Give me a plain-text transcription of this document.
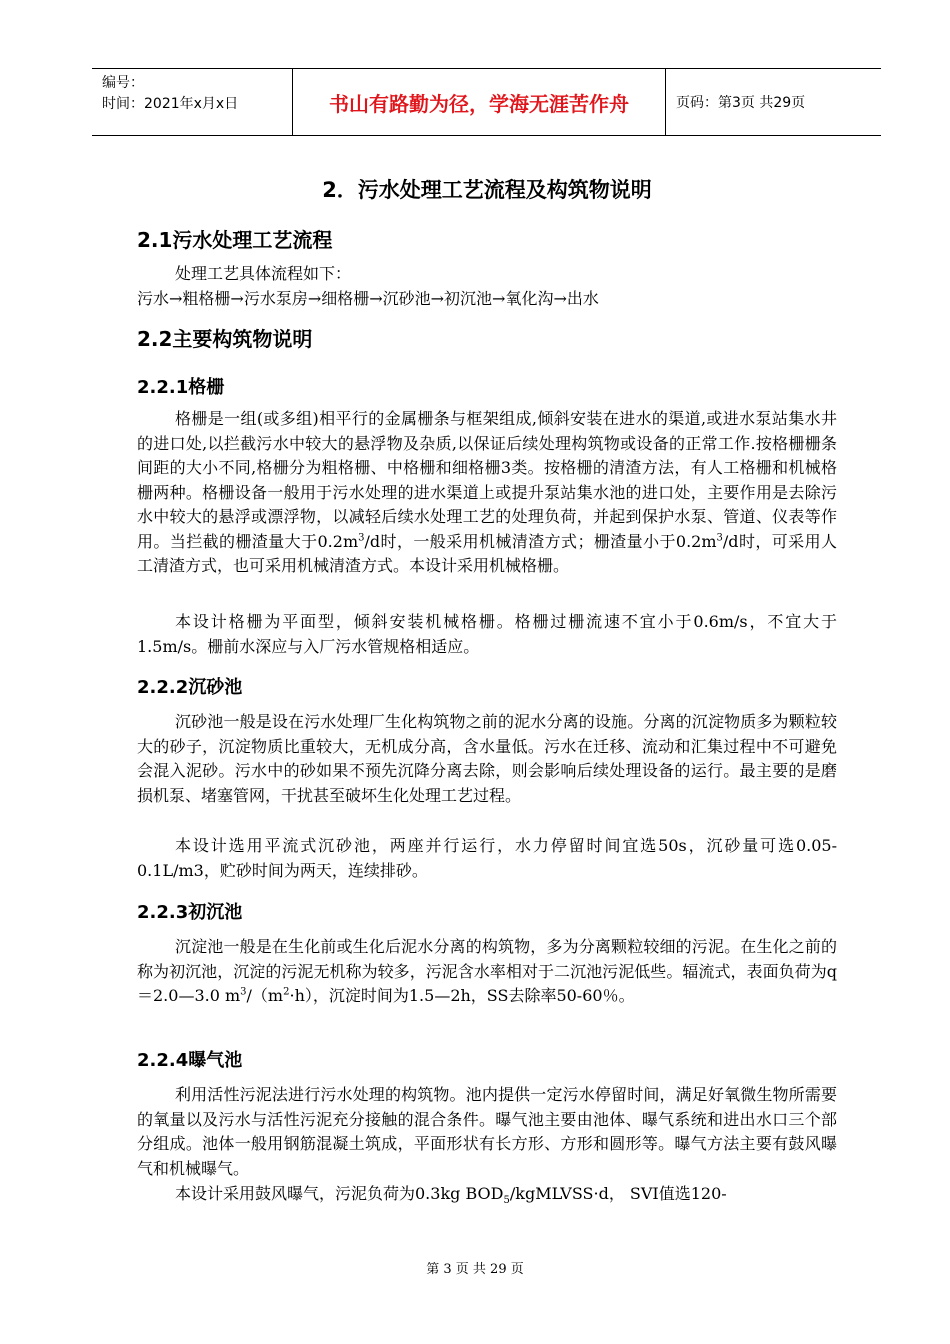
编号：
时间：2021年x月x日	书山有路勤为径，学海无涯苦作舟	页码：第3页 共29页
2．污水处理工艺流程及构筑物说明
2.1污水处理工艺流程
处理工艺具体流程如下：
污水→粗格栅→污水泵房→细格栅→沉砂池→初沉池→氧化沟→出水
2.2主要构筑物说明
2.2.1格栅
格栅是一组(或多组)相平行的金属栅条与框架组成,倾斜安装在进水的渠道,或进水泵站集水井的进口处,以拦截污水中较大的悬浮物及杂质,以保证后续处理构筑物或设备的正常工作.按格栅栅条间距的大小不同,格栅分为粗格栅、中格栅和细格栅3类。按格栅的清渣方法，有人工格栅和机械格栅两种。格栅设备一般用于污水处理的进水渠道上或提升泵站集水池的进口处，主要作用是去除污水中较大的悬浮或漂浮物，以减轻后续水处理工艺的处理负荷，并起到保护水泵、管道、仪表等作用。当拦截的栅渣量大于$0.2m^3/d$时，一般采用机械清渣方式；栅渣量小于$0.2m^3/d$时，可采用人工清渣方式，也可采用机械清渣方式。本设计采用机械格栅。
本设计格栅为平面型，倾斜安装机械格栅。格栅过栅流速不宜小于0.6m/s，不宜大于1.5m/s。栅前水深应与入厂污水管规格相适应。
2.2.2沉砂池
沉砂池一般是设在污水处理厂生化构筑物之前的泥水分离的设施。分离的沉淀物质多为颗粒较大的砂子，沉淀物质比重较大，无机成分高，含水量低。污水在迁移、流动和汇集过程中不可避免会混入泥砂。污水中的砂如果不预先沉降分离去除，则会影响后续处理设备的运行。最主要的是磨损机泵、堵塞管网，干扰甚至破坏生化处理工艺过程。
本设计选用平流式沉砂池，两座并行运行，水力停留时间宜选50s，沉砂量可选0.05-0.1L/m3，贮砂时间为两天，连续排砂。
2.2.3初沉池
沉淀池一般是在生化前或生化后泥水分离的构筑物，多为分离颗粒较细的污泥。在生化之前的称为初沉池，沉淀的污泥无机称为较多，污泥含水率相对于二沉池污泥低些。辐流式，表面负荷为q＝2.0—3.0 $m^3/(m^2\cdot h)$，沉淀时间为1.5—2h，SS去除率50-60％。
2.2.4曝气池
利用活性污泥法进行污水处理的构筑物。池内提供一定污水停留时间，满足好氧微生物所需要的氧量以及污水与活性污泥充分接触的混合条件。曝气池主要由池体、曝气系统和进出水口三个部分组成。池体一般用钢筋混凝土筑成，平面形状有长方形、方形和圆形等。曝气方法主要有鼓风曝气和机械曝气。
本设计采用鼓风曝气，污泥负荷为0.3kg $BOD_5/kgMLVSS\cdot d$， SVI值选120-
第 3 页 共 29 页
